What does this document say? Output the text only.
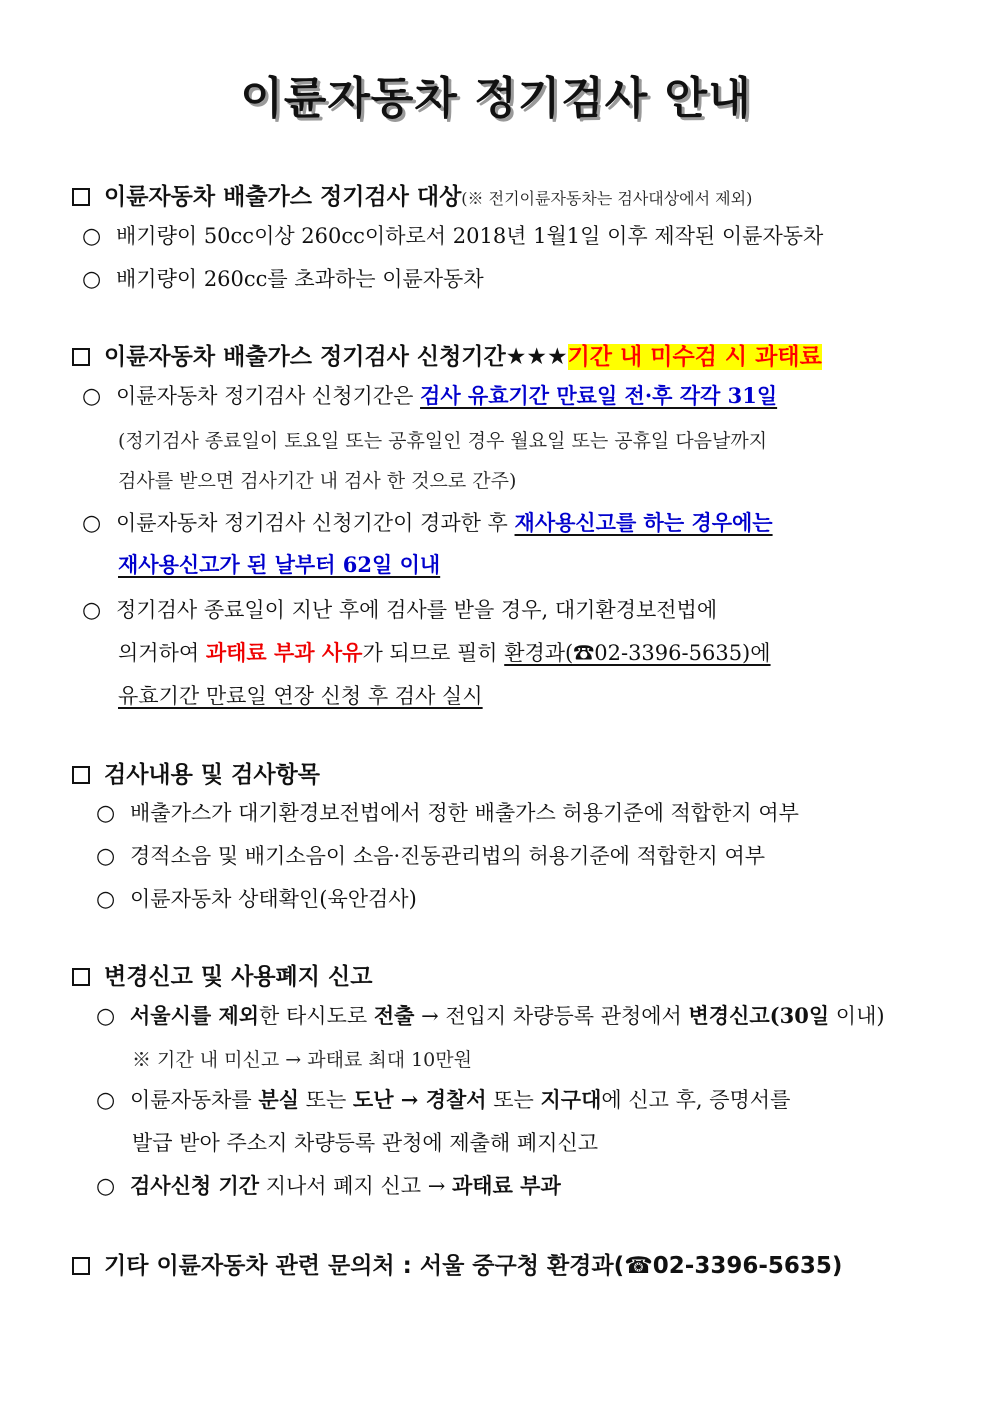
이륜자동차 정기검사 안내
이륜자동차 배출가스 정기검사 대상(※ 전기이륜자동차는 검사대상에서 제외)
○ 배기량이 50cc이상 260cc이하로서 2018년 1월1일 이후 제작된 이륜자동차
○ 배기량이 260cc를 초과하는 이륜자동차
이륜자동차 배출가스 정기검사 신청기간★★★기간 내 미수검 시 과태료
○ 이륜자동차 정기검사 신청기간은 검사 유효기간 만료일 전·후 각각 31일
(정기검사 종료일이 토요일 또는 공휴일인 경우 월요일 또는 공휴일 다음날까지
검사를 받으면 검사기간 내 검사 한 것으로 간주)
○ 이륜자동차 정기검사 신청기간이 경과한 후 재사용신고를 하는 경우에는
재사용신고가 된 날부터 62일 이내
○ 정기검사 종료일이 지난 후에 검사를 받을 경우, 대기환경보전법에
의거하여 과태료 부과 사유가 되므로 필히 환경과(☎02-3396-5635)에
유효기간 만료일 연장 신청 후 검사 실시
검사내용 및 검사항목
○ 배출가스가 대기환경보전법에서 정한 배출가스 허용기준에 적합한지 여부
○ 경적소음 및 배기소음이 소음·진동관리법의 허용기준에 적합한지 여부
○ 이륜자동차 상태확인(육안검사)
변경신고 및 사용폐지 신고
○ 서울시를 제외한 타시도로 전출 → 전입지 차량등록 관청에서 변경신고(30일 이내)
※ 기간 내 미신고 → 과태료 최대 10만원
○ 이륜자동차를 분실 또는 도난 → 경찰서 또는 지구대에 신고 후, 증명서를
발급 받아 주소지 차량등록 관청에 제출해 폐지신고
○ 검사신청 기간 지나서 폐지 신고 → 과태료 부과
기타 이륜자동차 관련 문의처 : 서울 중구청 환경과(☎02-3396-5635)
